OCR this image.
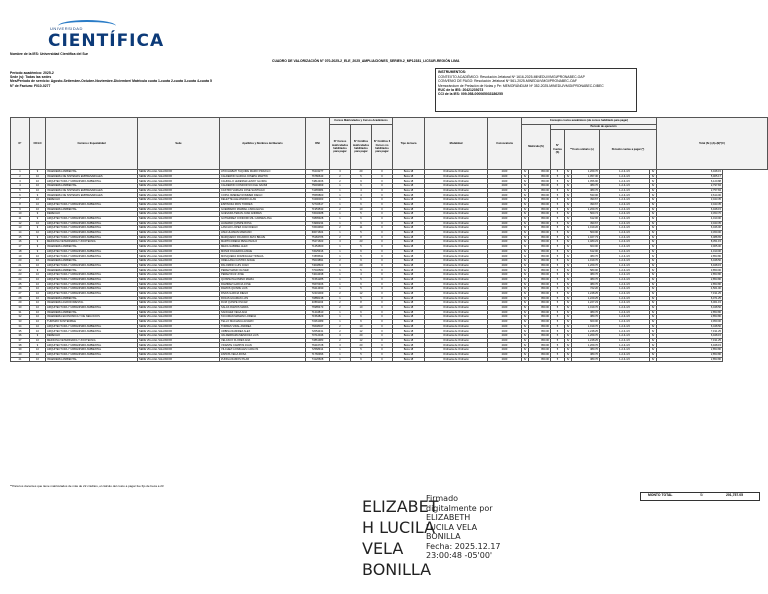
UNIVERSIDAD
CIENTÍFICA
Nombre de la IES: Universidad Científica del Sur
CUADRO DE VALORIZACIÓN N° 070-2025-2_ELE_2025_AMPLIACIONES_SERIE9-2_MP12381_LICSUR-REGIÓN LIMA
Periodo académico: 2025-2
Sede (s): Todas las sedes
Mes/Periodo de servicio: Agosto-Setiembre-Octubre-Noviembre-Diciembre/ Matricula cuota 1-cuota 2-cuota 3-cuota 4-cuota 5
N° de Factura: F010-0277
INSTRUMENTOS:
CONTEXTO ACADÉMICO: Resolución Jefatural Nº 1616-2025-MINEDU/VMGI/PRONABEC-OAP
CONVENIO DE PAGO: Resolución Jefatural Nº 561-2025-MINEDU/VMGI/PRONABEC-OAF
Memorándum de Prelación de Notas y Pe: MEMORÁNDUM Nº 352-2025-MINEDU/VMGI/PRONABEC-DIBEC
RUC de la IES: 20421239273
CCI de la IES: 009-058-000065033186255
N°	CICLO	Carrera o Especialidad	Sede	Apellidos y Nombres del Becario	DNI	Cursos Matriculados y Cursos Académicos			Tipo de beca	Modalidad	Convocatoria	Concepto costos académicos (de cursos habilitado para pagar)							Total (S/.) (A)+(B)*(C)
						N° Cursos matriculados habilitados para pagar	N° Créditos matriculados habilitados para pagar	N° Créditos 6 Cursos no habilitados para pagar				Matrícula (S)		Periodo de ejecución					
														N° Cuotas (S)	**Costo unitario (s)		Pensión cuotas a pagar (*)		
1	9	INGENIERIA AMBIENTAL	SEDE VILLA EL SALVADOR	ATOCHABATI TAQUIRE MARIO PRAXILO	76234277	3	20	0	Beca 18	Ordinaria de Ordinario	2020	S/	950.00	5	S/	1,269.70	1-2-3-4-5	S/	6,948.15
2	10	INGENIERIA DE SISTEMAS EMPRESARIALES	SEDE VILLA EL SALVADOR	CALDERON GARCIA JOSEPH MARTIN	76780643	2	5	0	Beca 18	Ordinaria de Ordinario	2020	S/	950.00	5	S/	1,057.30	1-2-3-4-5	S/	5,965.17
3	10	ARQUITECTURA Y URBANISMO AMBIENTAL	SEDE VILLA EL SALVADOR	CAUDILLO LEDESMA LENNY GLORIA	74812466	2	9	0	Beca 18	Ordinaria de Ordinario	2020	S/	950.00	5	S/	1,056.90	1-2-3-4-5	S/	6,120.88
4	10	INGENIERIA AMBIENTAL	SEDE VILLA EL SALVADOR	CALDERON CONDOR NICOLE NAOMI	75093969	1	6	0	Beca 18	Ordinaria de Ordinario	2020	S/	950.00	5	S/	380.76	1-2-3-4-5	S/	2,797.84
5	10	INGENIERIA DE SISTEMAS EMPRESARIALES	SEDE VILLA EL SALVADOR	CASTRO VARGAS JOSE SANTIAGO	74465984	1	4	0	Beca 18	Ordinaria de Ordinario	2020	S/	950.00	5	S/	380.76	1-2-3-4-5	S/	2,757.84
6	9	INGENIERIA DE SISTEMAS EMPRESARIALES	SEDE VILLA EL SALVADOR	COPIA JIMENEZ ROMMER DIEGO	75565800	1	4	0	Beca 18	Ordinaria de Ordinario	2020	S/	950.00	5	S/	533.00	1-2-3-4-5	S/	3,614.00
7	10	DERECHO	SEDE VILLA EL SALVADOR	DELETTE ALEJANDRO ALAN	73490003	1	6	0	Beca 18	Ordinaria de Ordinario	2020	S/	950.00	5	S/	390.67	1-2-3-4-5	S/	3,043.35
8	10	ARQUITECTURA Y URBANISMO AMBIENTAL	SEDE VILLA EL SALVADOR	ESPINOZA RIOS TORRES	72732617	1	6	0	Beca 18	Ordinaria de Ordinario	2020	S/	950.00	5	S/	390.67	1-2-3-4-5	S/	3,043.35
9	10	INGENIERIA AMBIENTAL	SEDE VILLA EL SALVADOR	GUERRERO MARREL LINDA ELISA	71953533	2	10	0	Beca 18	Ordinaria de Ordinario	2020	S/	950.00	5	S/	1,269.70	1-2-3-4-5	S/	6,948.15
10	9	DERECHO	SEDE VILLA EL SALVADOR	GUEVARA TERAN JUAN ANDRES	73040488	1	5	0	Beca 18	Ordinaria de Ordinario	2020	S/	950.00	5	S/	500.74	1-2-3-4-5	S/	3,453.70
11	9	ARQUITECTURA Y URBANISMO AMBIENTAL	SEDE VILLA EL SALVADOR	GUTIERREZ CONDORI MIL CARMEN ANA	70895928	1	6	0	Beca 18	Ordinaria de Ordinario	2020	S/	950.00	5	S/	612.00	1-2-3-4-5	S/	4,010.00
12	10	ARQUITECTURA Y URBANISMO AMBIENTAL	SEDE VILLA EL SALVADOR	HUAMANI QUISPE ROSA	74990234	1	6	0	Beca 18	Ordinaria de Ordinario	2020	S/	950.00	5	S/	390.67	1-2-3-4-5	S/	3,043.35
13	9	ARQUITECTURA Y URBANISMO AMBIENTAL	SEDE VILLA EL SALVADOR	LANCHO LOPEZ JUAN DIEGO	73604990	2	11	0	Beca 18	Ordinaria de Ordinario	2020	S/	950.00	5	S/	1,019.20	1-2-3-4-5	S/	6,046.00
14	10	ARQUITECTURA Y URBANISMO AMBIENTAL	SEDE VILLA EL SALVADOR	LIMA HUAMAN MARIANO	60071604	1	5	0	Beca 18	Ordinaria de Ordinario	2020	S/	950.00	5	S/	500.00	1-2-3-4-5	S/	3,450.00
15	9	ARQUITECTURA Y URBANISMO AMBIENTAL	SEDE VILLA EL SALVADOR	MARQUEÑO RICARDO ZETA BRAVE	75184786	2	8	0	Beca 18	Ordinaria de Ordinario	2020	S/	950.00	5	S/	1,027.73	1-2-3-4-5	S/	6,088.65
16	9	MEDICINA VETERINARIA Y ZOOTECNIA	SEDE VILLA EL SALVADOR	MARTICORENA PEÑA PAOLO	75271603	3	23	0	Beca 18	Ordinaria de Ordinario	2020	S/	950.00	5	S/	1,480.23	1-2-3-4-5	S/	8,351.15
17	9	INGENIERIA AMBIENTAL	SEDE VILLA EL SALVADOR	MEJIA GABRIEL ALEX	71254660	1	5	0	Beca 18	Ordinaria de Ordinario	2020	S/	950.00	5	S/	603.00	1-2-3-4-5	S/	3,965.00
18	9	ARQUITECTURA Y URBANISMO AMBIENTAL	SEDE VILLA EL SALVADOR	MONIZ FIGUEROA ANGIE	73025916	1	6	0	Beca 18	Ordinaria de Ordinario	2020	S/	950.00	5	S/	612.00	1-2-3-4-5	S/	4,010.00
19	10	ARQUITECTURA Y URBANISMO AMBIENTAL	SEDE VILLA EL SALVADOR	MOSQUERA DOMINGUEZ TRISHIA	74565811	1	5	0	Beca 18	Ordinaria de Ordinario	2020	S/	950.00	5	S/	380.76	1-2-3-4-5	S/	2,853.80
20	10	INGENIERIA AMBIENTAL	SEDE VILLA EL SALVADOR	ORELLANA CASTRO ANGIE	75043891	2	9	0	Beca 18	Ordinaria de Ordinario	2020	S/	950.00	5	S/	1,019.70	1-2-3-4-5	S/	6,048.50
21	10	ARQUITECTURA Y URBANISMO AMBIENTAL	SEDE VILLA EL SALVADOR	PALOMINO LUIS JUAN	74048603	3	20	0	Beca 18	Ordinaria de Ordinario	2020	S/	950.00	5	S/	1,269.70	1-2-3-4-5	S/	6,948.15
22	9	INGENIERIA AMBIENTAL	SEDE VILLA EL SALVADOR	PEREZ MAMO OLIVER	77046580	1	5	0	Beca 18	Ordinaria de Ordinario	2020	S/	950.00	5	S/	580.00	1-2-3-4-5	S/	3,850.00
23	10	ARQUITECTURA Y URBANISMO AMBIENTAL	SEDE VILLA EL SALVADOR	PEREZ RUIZ JOSE	74044498	1	4	0	Beca 18	Ordinaria de Ordinario	2020	S/	950.00	5	S/	380.76	1-2-3-4-5	S/	2,853.80
24	10	ARQUITECTURA Y URBANISMO AMBIENTAL	SEDE VILLA EL SALVADOR	QUISPE PALOMINO MARIA	71561285	1	5	0	Beca 18	Ordinaria de Ordinario	2020	S/	950.00	5	S/	380.76	1-2-3-4-5	S/	2,853.80
25	10	ARQUITECTURA Y URBANISMO AMBIENTAL	SEDE VILLA EL SALVADOR	RAMIREZ GARCIA JOSE	76670466	1	6	0	Beca 18	Ordinaria de Ordinario	2020	S/	950.00	5	S/	380.76	1-2-3-4-5	S/	2,853.80
26	10	ARQUITECTURA Y URBANISMO AMBIENTAL	SEDE VILLA EL SALVADOR	RAMOS QUISPE LUIS	76214930	1	5	0	Beca 18	Ordinaria de Ordinario	2020	S/	950.00	5	S/	722.20	1-2-3-4-5	S/	4,561.00
27	10	ARQUITECTURA Y URBANISMO AMBIENTAL	SEDE VILLA EL SALVADOR	RIVAS GARCIA DIEGO	72431009	2	12	0	Beca 18	Ordinaria de Ordinario	2020	S/	950.00	5	S/	1,248.25	1-2-3-4-5	S/	7,191.25
28	10	INGENIERIA AMBIENTAL	SEDE VILLA EL SALVADOR	ROJAS HUAMAN LUIS	70886138	1	5	0	Beca 18	Ordinaria de Ordinario	2020	S/	950.00	5	S/	1,229.25	1-2-3-4-5	S/	6,071.25
29	10	INGENIERIA AGROFORESTAL	SEDE VILLA EL SALVADOR	RUIZ QUISPE OSCAR	40581193	2	8	0	Beca 18	Ordinaria de Ordinario	2020	S/	950.00	5	S/	1,227.23	1-2-3-4-5	S/	6,061.15
30	10	ARQUITECTURA Y URBANISMO AMBIENTAL	SEDE VILLA EL SALVADOR	SALAS RAMOS MARIA	76985473	2	10	0	Beca 18	Ordinaria de Ordinario	2020	S/	950.00	5	S/	1,019.70	1-2-3-4-5	S/	6,048.50
31	10	INGENIERIA AMBIENTAL	SEDE VILLA EL SALVADOR	SANCHEZ VEGA ANA	71244810	1	6	0	Beca 18	Ordinaria de Ordinario	2020	S/	950.00	5	S/	380.76	1-2-3-4-5	S/	2,853.80
32	10	INGENIERIA ECONOMICA Y DE NEGOCIOS	SEDE VILLA EL SALVADOR	TACUMAN MAMANI LORENA	71564829	1	6	0	Beca 18	Ordinaria de Ordinario	2020	S/	950.00	5	S/	380.76	1-2-3-4-5	S/	2,853.80
33	10	TURISMO SOSTENIBLE	SEDE VILLA EL SALVADOR	TELLO MACHACA ALVARO	73261089	1	6	0	Beca 18	Ordinaria de Ordinario	2020	S/	950.00	5	S/	600.00	1-2-3-4-5	S/	3,950.00
34	10	ARQUITECTURA Y URBANISMO AMBIENTAL	SEDE VILLA EL SALVADOR	TORRES VIDAL ANDREA	76648047	2	10	0	Beca 18	Ordinaria de Ordinario	2020	S/	950.00	5	S/	1,019.70	1-2-3-4-5	S/	6,048.50
35	10	ARQUITECTURA Y URBANISMO AMBIENTAL	SEDE VILLA EL SALVADOR	URBINA RAMIREZ ALEX	72054431	2	12	0	Beca 18	Ordinaria de Ordinario	2020	S/	950.00	5	S/	1,248.25	1-2-3-4-5	S/	7,191.25
36	9	DERECHO	SEDE VILLA EL SALVADOR	VALDERRAMA MENDOZA LUIS	70712046	3	20	0	Beca 18	Ordinaria de Ordinario	2020	S/	950.00	5	S/	1,269.70	1-2-3-4-5	S/	6,948.15
37	10	MEDICINA VETERINARIA Y ZOOTECNIA	SEDE VILLA EL SALVADOR	VELASCO FLORES ANA	73861983	2	12	0	Beca 18	Ordinaria de Ordinario	2020	S/	950.00	5	S/	1,248.25	1-2-3-4-5	S/	7,191.25
38	9	ARQUITECTURA Y URBANISMO AMBIENTAL	SEDE VILLA EL SALVADOR	VICENTE CAMPOS JUAN	76216728	3	20	0	Beca 18	Ordinaria de Ordinario	2020	S/	950.00	5	S/	1,269.70	1-2-3-4-5	S/	6,948.15
39	10	ARQUITECTURA Y URBANISMO AMBIENTAL	SEDE VILLA EL SALVADOR	VILCHEZ GONZALES CARLOS	72568914	1	5	0	Beca 18	Ordinaria de Ordinario	2020	S/	950.00	5	S/	380.76	1-2-3-4-5	S/	2,853.80
40	10	ARQUITECTURA Y URBANISMO AMBIENTAL	SEDE VILLA EL SALVADOR	ZAPATA VEGA ROSA	71766996	1	5	0	Beca 18	Ordinaria de Ordinario	2020	S/	950.00	5	S/	380.76	1-2-3-4-5	S/	2,853.80
41	10	INGENIERIA AMBIENTAL	SEDE VILLA EL SALVADOR	ZUÑIGA RAMOS PILAR	74126608	1	6	0	Beca 18	Ordinaria de Ordinario	2020	S/	950.00	5	S/	380.76	1-2-3-4-5	S/	2,853.80
**Para los docentes que tiene matriculados de más de 22 créditos, el cálculo del costo a pagar fue fijo de beca a 23
MONTO TOTAL	S/	201,757.05
ELIZABET
H LUCILA
VELA
BONILLA
Firmado
digitalmente por
ELIZABETH
LUCILA VELA
BONILLA
Fecha: 2025.12.17
23:00:48 -05'00'
